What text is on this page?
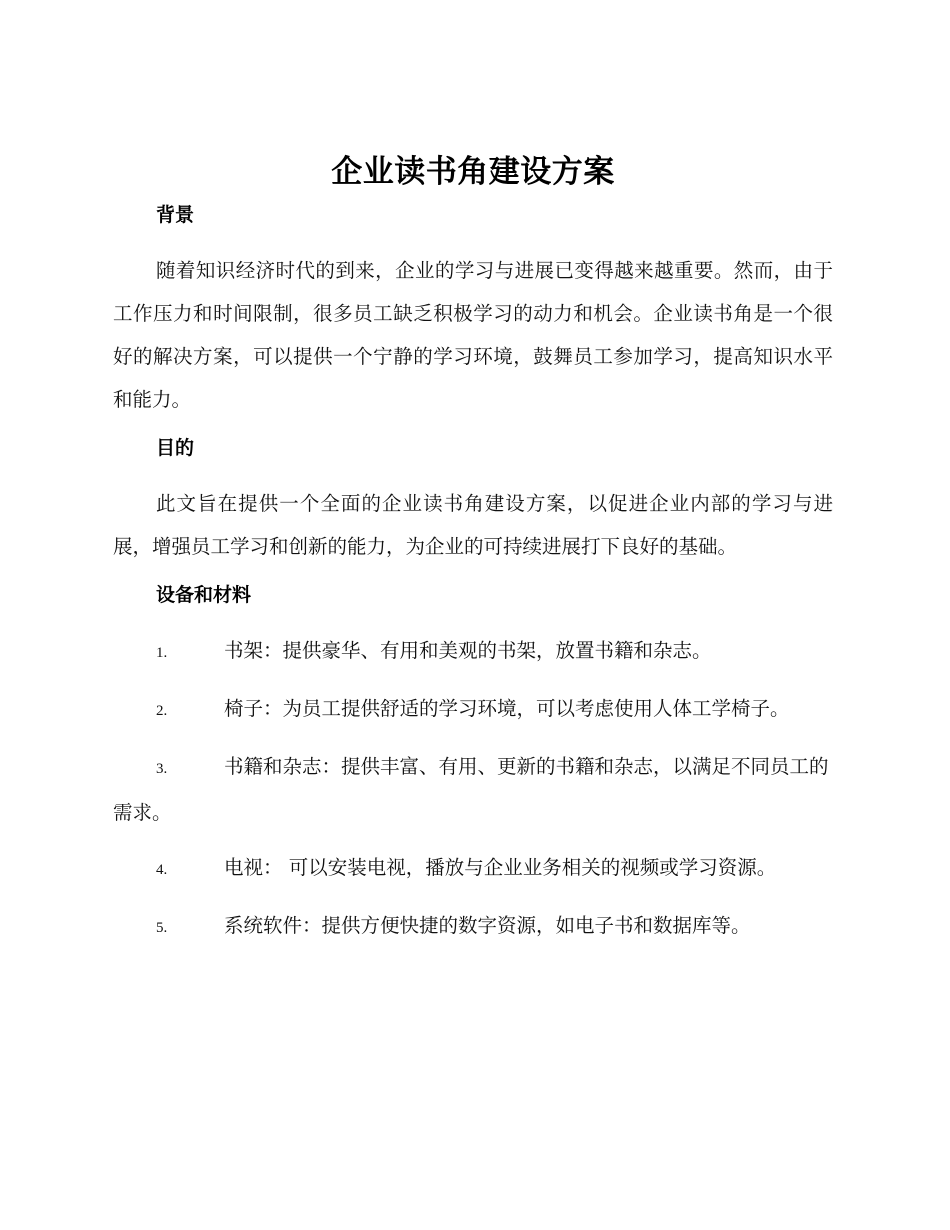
企业读书角建设方案
背景

随着知识经济时代的到来，企业的学习与进展已变得越来越重要。然而，由于工作压力和时间限制，很多员工缺乏积极学习的动力和机会。企业读书角是一个很好的解决方案，可以提供一个宁静的学习环境，鼓舞员工参加学习，提高知识水平和能力。

目的

此文旨在提供一个全面的企业读书角建设方案，以促进企业内部的学习与进展，增强员工学习和创新的能力，为企业的可持续进展打下良好的基础。

设备和材料

1.	书架：提供豪华、有用和美观的书架，放置书籍和杂志。

2.	椅子：为员工提供舒适的学习环境，可以考虑使用人体工学椅子。

3.	书籍和杂志：提供丰富、有用、更新的书籍和杂志，以满足不同员工的需求。

4.	电视： 可以安装电视，播放与企业业务相关的视频或学习资源。

5.	系统软件：提供方便快捷的数字资源，如电子书和数据库等。
